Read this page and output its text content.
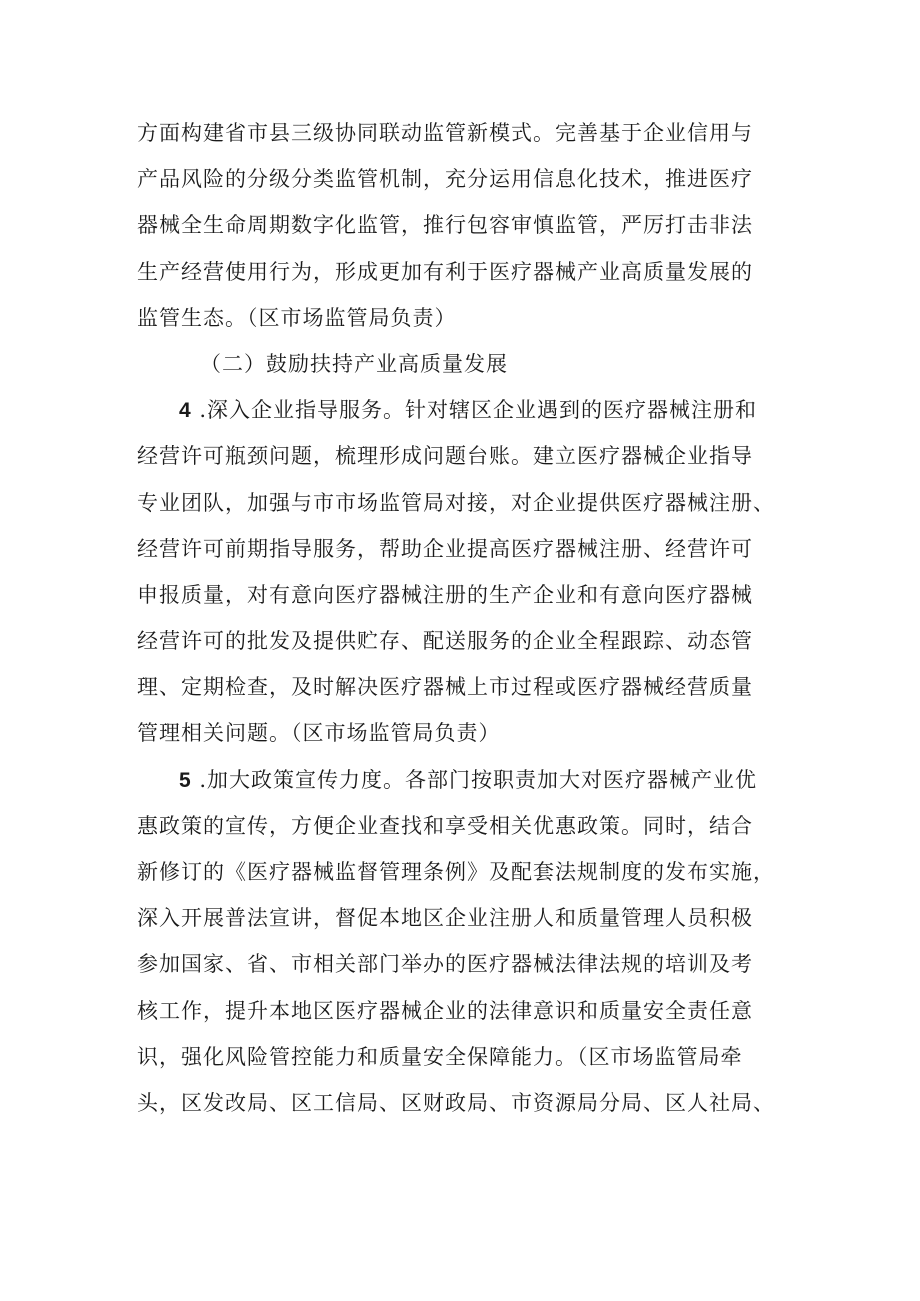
方面构建省市县三级协同联动监管新模式。完善基于企业信用与
产品风险的分级分类监管机制，充分运用信息化技术，推进医疗
器械全生命周期数字化监管，推行包容审慎监管，严厉打击非法
生产经营使用行为，形成更加有利于医疗器械产业高质量发展的
监管生态。（区市场监管局负责）
（二）鼓励扶持产业高质量发展
4 .深入企业指导服务。针对辖区企业遇到的医疗器械注册和
经营许可瓶颈问题，梳理形成问题台账。建立医疗器械企业指导
专业团队，加强与市市场监管局对接，对企业提供医疗器械注册、
经营许可前期指导服务，帮助企业提高医疗器械注册、经营许可
申报质量，对有意向医疗器械注册的生产企业和有意向医疗器械
经营许可的批发及提供贮存、配送服务的企业全程跟踪、动态管
理、定期检查，及时解决医疗器械上市过程或医疗器械经营质量
管理相关问题。（区市场监管局负责）
5 .加大政策宣传力度。各部门按职责加大对医疗器械产业优
惠政策的宣传，方便企业查找和享受相关优惠政策。同时，结合
新修订的《医疗器械监督管理条例》及配套法规制度的发布实施，
深入开展普法宣讲，督促本地区企业注册人和质量管理人员积极
参加国家、省、市相关部门举办的医疗器械法律法规的培训及考
核工作，提升本地区医疗器械企业的法律意识和质量安全责任意
识，强化风险管控能力和质量安全保障能力。（区市场监管局牵
头，区发改局、区工信局、区财政局、市资源局分局、区人社局、
